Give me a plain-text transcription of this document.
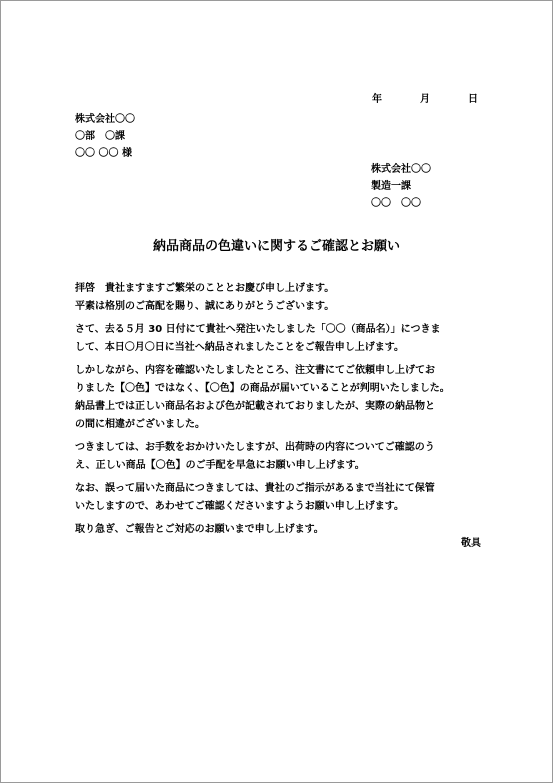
年	月	日
株式会社〇〇
〇部　〇課
〇〇 〇〇 様
株式会社〇〇
製造一課
〇〇　〇〇
納品商品の色違いに関するご確認とお願い

拝啓　貴社ますますご繁栄のこととお慶び申し上げます。
平素は格別のご高配を賜り、誠にありがとうございます。

さて、去る５月 30 日付にて貴社へ発注いたしました「〇〇（商品名）」につきま
して、本日〇月〇日に当社へ納品されましたことをご報告申し上げます。

しかしながら、内容を確認いたしましたところ、注文書にてご依頼申し上げてお
りました【〇色】ではなく、【〇色】の商品が届いていることが判明いたしました。
納品書上では正しい商品名および色が記載されておりましたが、実際の納品物と
の間に相違がございました。

つきましては、お手数をおかけいたしますが、出荷時の内容についてご確認のう
え、正しい商品【〇色】のご手配を早急にお願い申し上げます。

なお、誤って届いた商品につきましては、貴社のご指示があるまで当社にて保管
いたしますので、あわせてご確認くださいますようお願い申し上げます。

取り急ぎ、ご報告とご対応のお願いまで申し上げます。

敬具
